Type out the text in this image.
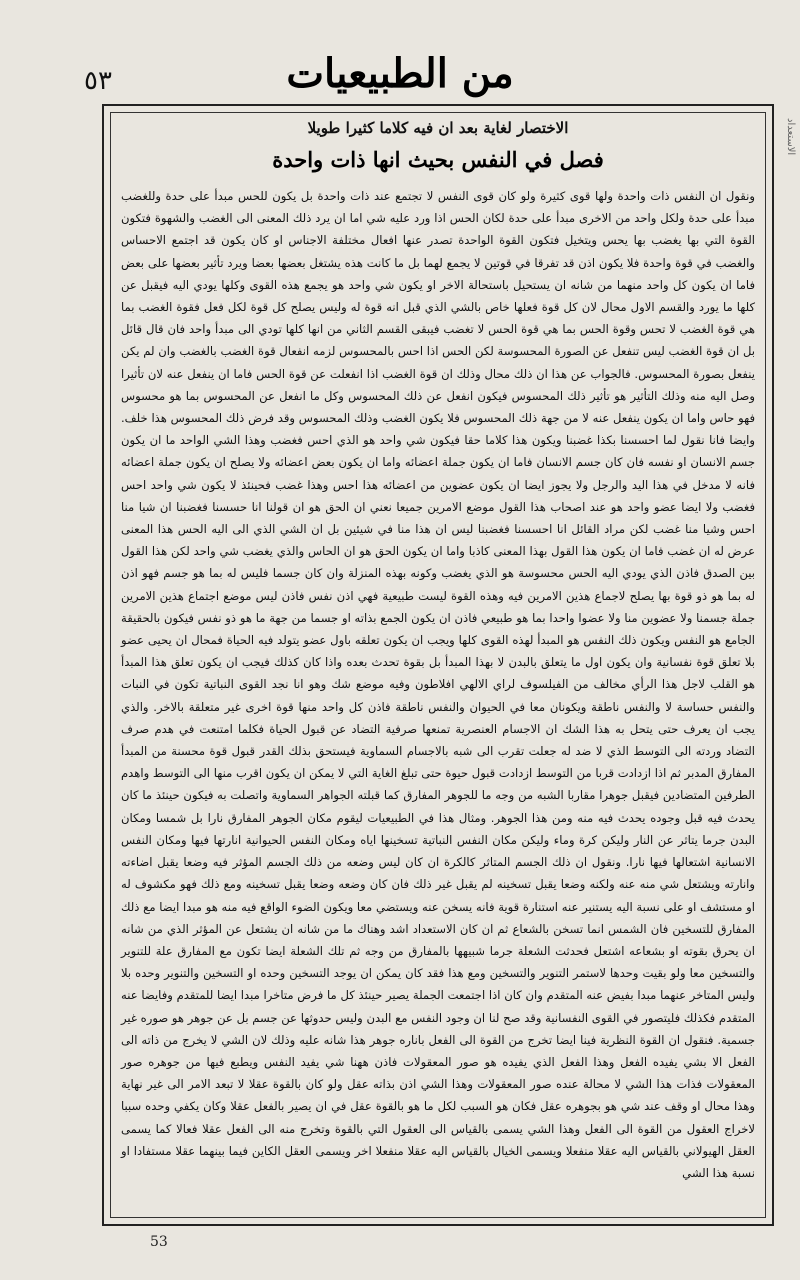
٥٣	من الطبيعيات

الاختصار لغاية بعد ان فيه كلاما كثيرا طويلا

فصل في النفس بحيث انها ذات واحدة

ونقول ان النفس ذات واحدة ولها قوى كثيرة ولو كان قوى النفس لا تجتمع عند ذات واحدة بل يكون للحس مبدأ على حدة وللغضب مبدأ على حدة ولكل واحد من الاخرى مبدأ على حدة لكان الحس اذا ورد عليه شي اما ان يرد ذلك المعنى الى الغضب والشهوة فتكون القوة التي بها يغضب بها يحس ويتخيل فتكون القوة الواحدة تصدر عنها افعال مختلفة الاجناس او كان يكون قد اجتمع الاحساس والغضب في قوة واحدة فلا يكون اذن قد تفرقا في قوتين لا يجمع لهما بل ما كانت هذه يشتغل بعضها بعضا ويرد تأثير بعضها على بعض فاما ان يكون كل واحد منهما من شانه ان يستحيل باستحالة الاخر او يكون شي واحد هو يجمع هذه القوى وكلها يودي اليه فيقبل عن كلها ما يورد والقسم الاول محال لان كل قوة فعلها خاص بالشي الذي قبل انه قوة له وليس يصلح كل قوة لكل فعل فقوة الغضب بما هي قوة الغضب لا تحس وقوة الحس بما هي قوة الحس لا تغضب فيبقى القسم الثاني من انها كلها تودي الى مبدأ واحد فان قال قائل بل ان قوة الغضب ليس تنفعل عن الصورة المحسوسة لكن الحس اذا احس بالمحسوس لزمه انفعال قوة الغضب بالغضب وان لم يكن ينفعل بصورة المحسوس. فالجواب عن هذا ان ذلك محال وذلك ان قوة الغضب اذا انفعلت عن قوة الحس فاما ان ينفعل عنه لان تأثيرا وصل اليه منه وذلك التأثير هو تأثير ذلك المحسوس فيكون انفعل عن ذلك المحسوس وكل ما انفعل عن المحسوس بما هو محسوس فهو حاس واما ان يكون ينفعل عنه لا من جهة ذلك المحسوس فلا يكون الغضب وذلك المحسوس وقد فرض ذلك المحسوس هذا خلف. وايضا فانا نقول لما احسسنا بكذا غضبنا ويكون هذا كلاما حقا فيكون شي واحد هو الذي احس فغضب وهذا الشي الواحد ما ان يكون جسم الانسان او نفسه فان كان جسم الانسان فاما ان يكون جملة اعضائه واما ان يكون بعض اعضائه ولا يصلح ان يكون جملة اعضائه فانه لا مدخل في هذا اليد والرجل ولا يجوز ايضا ان يكون عضوين من اعضائه هذا احس وهذا غضب فحينئذ لا يكون شي واحد احس فغضب ولا ايضا عضو واحد هو عند اصحاب هذا القول موضع الامرين جميعا نعني ان الحق هو ان قولنا انا حسسنا فغضبنا ان شيا منا احس وشيا منا غضب لكن مراد القائل انا احسسنا فغضبنا ليس ان هذا منا في شيئين بل ان الشي الذي الى اليه الحس هذا المعنى عرض له ان غضب فاما ان يكون هذا القول بهذا المعنى كاذبا واما ان يكون الحق هو ان الحاس والذي يغضب شي واحد لكن هذا القول بين الصدق فاذن الذي يودي اليه الحس محسوسة هو الذي يغضب وكونه بهذه المنزلة وان كان جسما فليس له بما هو جسم فهو اذن له بما هو ذو قوة بها يصلح لاجماع هذين الامرين فيه وهذه القوة ليست طبيعية فهي اذن نفس فاذن ليس موضع اجتماع هذين الامرين جملة جسمنا ولا عضوين منا ولا عضوا واحدا بما هو طبيعي فاذن ان يكون الجمع بذاته او جسما من جهة ما هو ذو نفس فيكون بالحقيقة الجامع هو النفس ويكون ذلك النفس هو المبدأ لهذه القوى كلها ويجب ان يكون تعلقه باول عضو يتولد فيه الحياة فمحال ان يحيى عضو بلا تعلق قوة نفسانية وان يكون اول ما يتعلق بالبدن لا بهذا المبدأ بل بقوة تحدث بعده واذا كان كذلك فيجب ان يكون تعلق هذا المبدأ هو القلب لاجل هذا الرأي مخالف من الفيلسوف لراي الالهي افلاطون وفيه موضع شك وهو انا نجد القوى النباتية تكون في النبات والنفس حساسة لا والنفس ناطقة ويكونان معا في الحيوان والنفس ناطقة فاذن كل واحد منها قوة اخرى غير متعلقة بالاخر. والذي يجب ان يعرف حتى يتحل به هذا الشك ان الاجسام العنصرية تمنعها صرفية التضاد عن قبول الحياة فكلما امتنعت في هدم صرف التضاد وردته الى التوسط الذي لا ضد له جعلت تقرب الى شبه بالاجسام السماوية فيستحق بذلك القدر قبول قوة محسنة من المبدأ المفارق المدبر ثم اذا ازدادت قربا من التوسط ازدادت قبول حيوة حتى تبلغ الغاية التي لا يمكن ان يكون اقرب منها الى التوسط واهدم الطرفين المتضادين فيقبل جوهرا مقاربا الشبه من وجه ما للجوهر المفارق كما قبلته الجواهر السماوية واتصلت به فيكون حينئذ ما كان يحدث فيه قبل وجوده يحدث فيه منه ومن هذا الجوهر. ومثال هذا في الطبيعيات ليقوم مكان الجوهر المفارق نارا بل شمسا ومكان البدن جرما يتاثر عن النار وليكن كرة وماء وليكن مكان النفس النباتية تسخينها اياه ومكان النفس الحيوانية انارتها فيها ومكان النفس الانسانية اشتعالها فيها نارا. ونقول ان ذلك الجسم المتاثر كالكرة ان كان ليس وضعه من ذلك الجسم المؤثر فيه وضعا يقبل اضاءته وانارته ويشتعل شي منه عنه ولكنه وضعا يقبل تسخينه لم يقبل غير ذلك فان كان وضعه وضعا يقبل تسخينه ومع ذلك فهو مكشوف له او مستشف او على نسبة اليه يستنير عنه استنارة قوية فانه يسخن عنه ويستضي معا ويكون الضوء الواقع فيه منه هو مبدا ايضا مع ذلك المفارق للتسخين فان الشمس انما تسخن بالشعاع ثم ان كان الاستعداد اشد وهناك ما من شانه ان يشتعل عن المؤثر الذي من شانه ان يحرق بقوته او بشعاعه اشتعل فحدثت الشعلة جرما شبيهها بالمفارق من وجه ثم تلك الشعلة ايضا تكون مع المفارق علة للتنوير والتسخين معا ولو بقيت وحدها لاستمر التنوير والتسخين ومع هذا فقد كان يمكن ان يوجد التسخين وحده او التسخين والتنوير وحده بلا وليس المتاخر عنهما مبدا بفيض عنه المتقدم وان كان اذا اجتمعت الجملة يصير حينئذ كل ما فرض متاخرا مبدا ايضا للمتقدم وفايضا عنه المتقدم فكذلك فليتصور في القوى النفسانية وقد صح لنا ان وجود النفس مع البدن وليس حدوثها عن جسم بل عن جوهر هو صوره غير جسمية. فنقول ان القوة النظرية فينا ايضا تخرج من القوة الى الفعل باناره جوهر هذا شانه عليه وذلك لان الشي لا يخرج من ذاته الى الفعل الا بشي يفيده الفعل وهذا الفعل الذي يفيده هو صور المعقولات فاذن ههنا شي يفيد النفس ويطبع فيها من جوهره صور المعقولات فذات هذا الشي لا محالة عنده صور المعقولات وهذا الشي اذن بذاته عقل ولو كان بالقوة عقلا لا تبعد الامر الى غير نهاية وهذا محال او وقف عند شي هو بجوهره عقل فكان هو السبب لكل ما هو بالقوة عقل في ان يصير بالفعل عقلا وكان يكفي وحده سببا لاخراج العقول من القوة الى الفعل وهذا الشي يسمى بالقياس الى العقول التي بالقوة وتخرج منه الى الفعل عقلا فعالا كما يسمى العقل الهيولاني بالقياس اليه عقلا منفعلا ويسمى الخيال بالقياس اليه عقلا منفعلا اخر ويسمى العقل الكاين فيما بينهما عقلا مستفادا او نسبة هذا الشي

الاستعداد
53
